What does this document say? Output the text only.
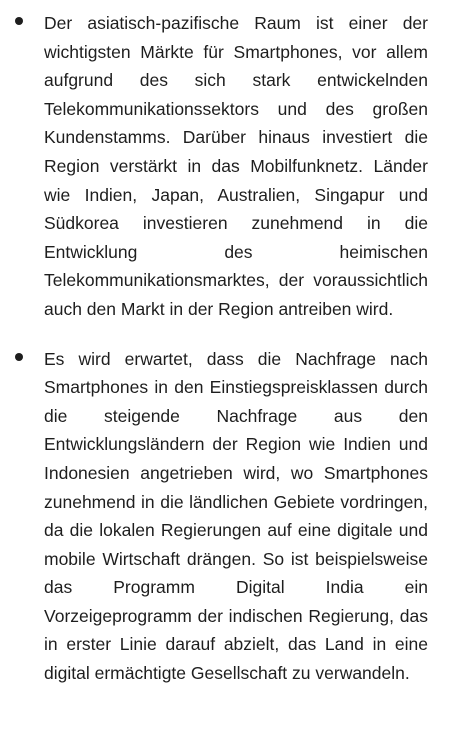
Der asiatisch-pazifische Raum ist einer der wichtigsten Märkte für Smartphones, vor allem aufgrund des sich stark entwickelnden Telekommunikationssektors und des großen Kundenstamms. Darüber hinaus investiert die Region verstärkt in das Mobilfunknetz. Länder wie Indien, Japan, Australien, Singapur und Südkorea investieren zunehmend in die Entwicklung des heimischen Telekommunikationsmarktes, der voraussichtlich auch den Markt in der Region antreiben wird.

Es wird erwartet, dass die Nachfrage nach Smartphones in den Einstiegspreisklassen durch die steigende Nachfrage aus den Entwicklungsländern der Region wie Indien und Indonesien angetrieben wird, wo Smartphones zunehmend in die ländlichen Gebiete vordringen, da die lokalen Regierungen auf eine digitale und mobile Wirtschaft drängen. So ist beispielsweise das Programm Digital India ein Vorzeigeprogramm der indischen Regierung, das in erster Linie darauf abzielt, das Land in eine digital ermächtigte Gesellschaft zu verwandeln.
